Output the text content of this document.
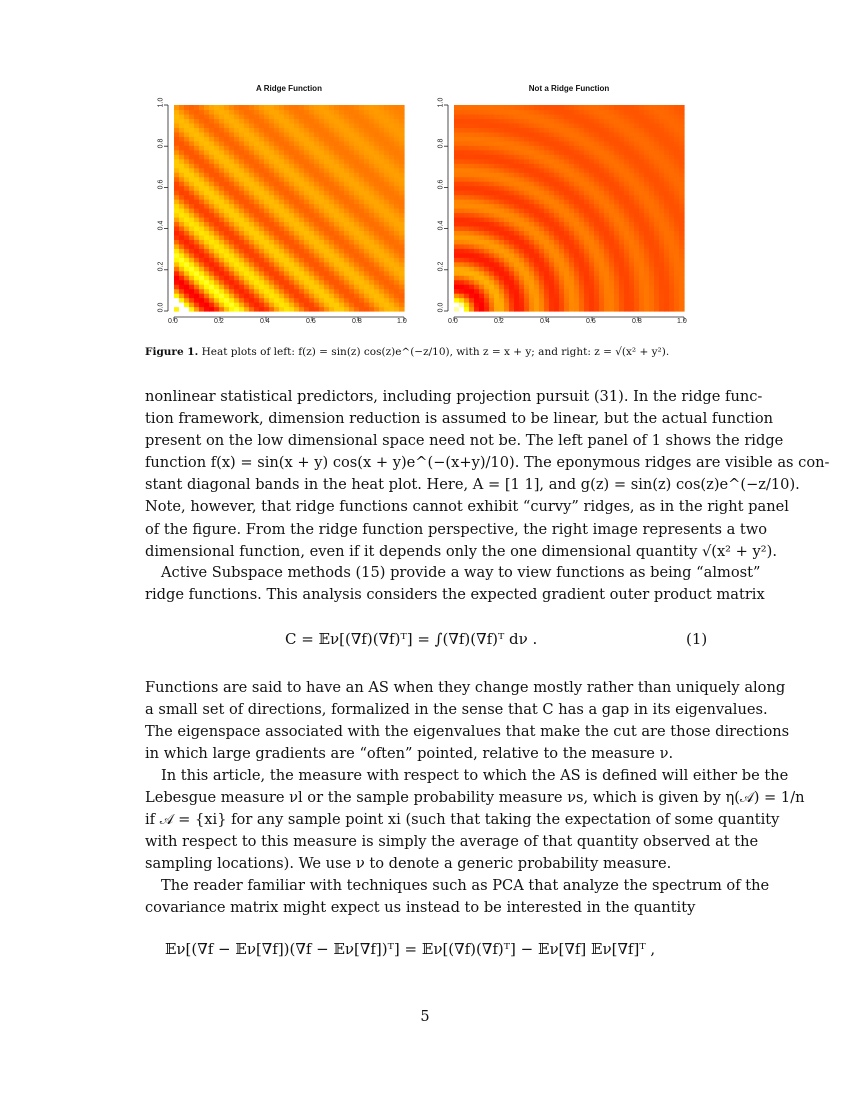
A Ridge Function	Not a Ridge Function
0.0	0.2	0.4	0.6	0.8	1.0
0.0
0.2
0.4
0.6
0.8
1.0
0.0	0.2	0.4	0.6	0.8	1.0
0.0
0.2
0.4
0.6
0.8
1.0
Figure 1. Heat plots of left: f(z) = sin(z) cos(z)e^(−z/10), with z = x + y; and right: z = √(x² + y²).
nonlinear statistical predictors, including projection pursuit (31). In the ridge func-
tion framework, dimension reduction is assumed to be linear, but the actual function
present on the low dimensional space need not be. The left panel of 1 shows the ridge
function f(x) = sin(x + y) cos(x + y)e^(−(x+y)/10). The eponymous ridges are visible as con-
stant diagonal bands in the heat plot. Here, A = [1 1], and g(z) = sin(z) cos(z)e^(−z/10).
Note, however, that ridge functions cannot exhibit “curvy” ridges, as in the right panel
of the figure. From the ridge function perspective, the right image represents a two
dimensional function, even if it depends only the one dimensional quantity √(x² + y²).
Active Subspace methods (15) provide a way to view functions as being “almost”
ridge functions. This analysis considers the expected gradient outer product matrix
C = 𝔼ν[(∇f)(∇f)ᵀ] = ∫(∇f)(∇f)ᵀ dν .	(1)
Functions are said to have an AS when they change mostly rather than uniquely along
a small set of directions, formalized in the sense that C has a gap in its eigenvalues.
The eigenspace associated with the eigenvalues that make the cut are those directions
in which large gradients are “often” pointed, relative to the measure ν.
In this article, the measure with respect to which the AS is defined will either be the
Lebesgue measure νl or the sample probability measure νs, which is given by η(𝒜) = 1/n
if 𝒜 = {xi} for any sample point xi (such that taking the expectation of some quantity
with respect to this measure is simply the average of that quantity observed at the
sampling locations). We use ν to denote a generic probability measure.
The reader familiar with techniques such as PCA that analyze the spectrum of the
covariance matrix might expect us instead to be interested in the quantity
𝔼ν[(∇f − 𝔼ν[∇f])(∇f − 𝔼ν[∇f])ᵀ] = 𝔼ν[(∇f)(∇f)ᵀ] − 𝔼ν[∇f] 𝔼ν[∇f]ᵀ ,
5
